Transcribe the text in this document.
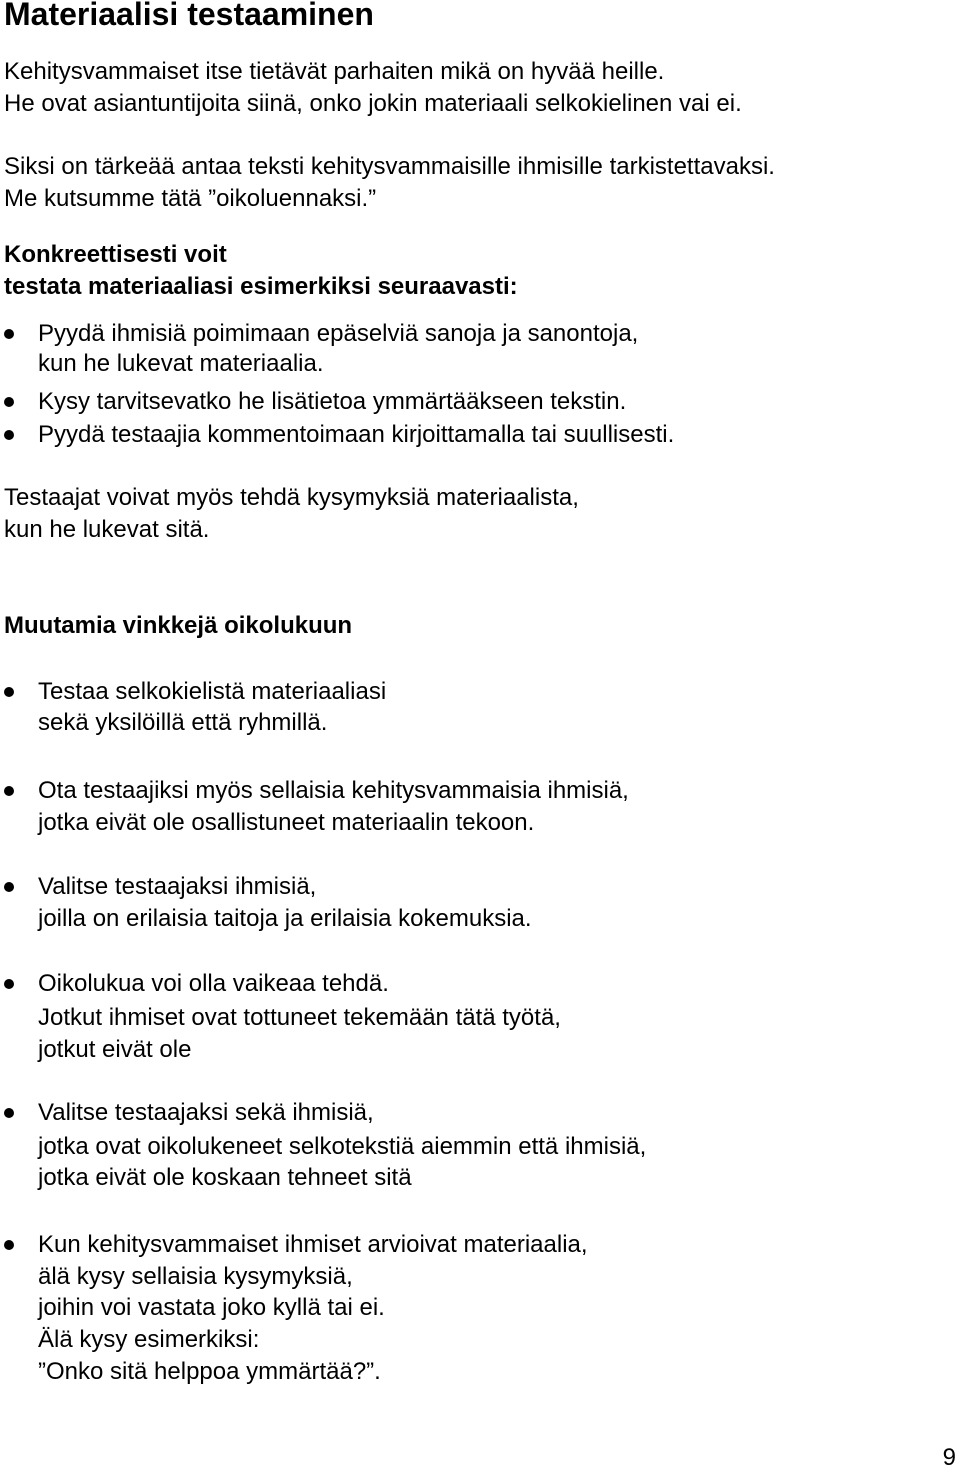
Materiaalisi testaaminen

Kehitysvammaiset itse tietävät parhaiten mikä on hyvää heille.

He ovat asiantuntijoita siinä, onko jokin materiaali selkokielinen vai ei.

Siksi on tärkeää antaa teksti kehitysvammaisille ihmisille tarkistettavaksi.

Me kutsumme tätä ”oikoluennaksi.”

Konkreettisesti voit

testata materiaaliasi esimerkiksi seuraavasti:

Pyydä ihmisiä poimimaan epäselviä sanoja ja sanontoja,

kun he lukevat materiaalia.

Kysy tarvitsevatko he lisätietoa ymmärtääkseen tekstin.

Pyydä testaajia kommentoimaan kirjoittamalla tai suullisesti.

Testaajat voivat myös tehdä kysymyksiä materiaalista,

kun he lukevat sitä.

Muutamia vinkkejä oikolukuun

Testaa selkokielistä materiaaliasi

sekä yksilöillä että ryhmillä.

Ota testaajiksi myös sellaisia kehitysvammaisia ihmisiä,

jotka eivät ole osallistuneet materiaalin tekoon.

Valitse testaajaksi ihmisiä,

joilla on erilaisia taitoja ja erilaisia kokemuksia.

Oikolukua voi olla vaikeaa tehdä.

Jotkut ihmiset ovat tottuneet tekemään tätä työtä,

jotkut eivät ole

Valitse testaajaksi sekä ihmisiä,

jotka ovat oikolukeneet selkotekstiä aiemmin että ihmisiä,

jotka eivät ole koskaan tehneet sitä

Kun kehitysvammaiset ihmiset arvioivat materiaalia,

älä kysy sellaisia kysymyksiä,

joihin voi vastata joko kyllä tai ei.

Älä kysy esimerkiksi:

”Onko sitä helppoa ymmärtää?”.

9
